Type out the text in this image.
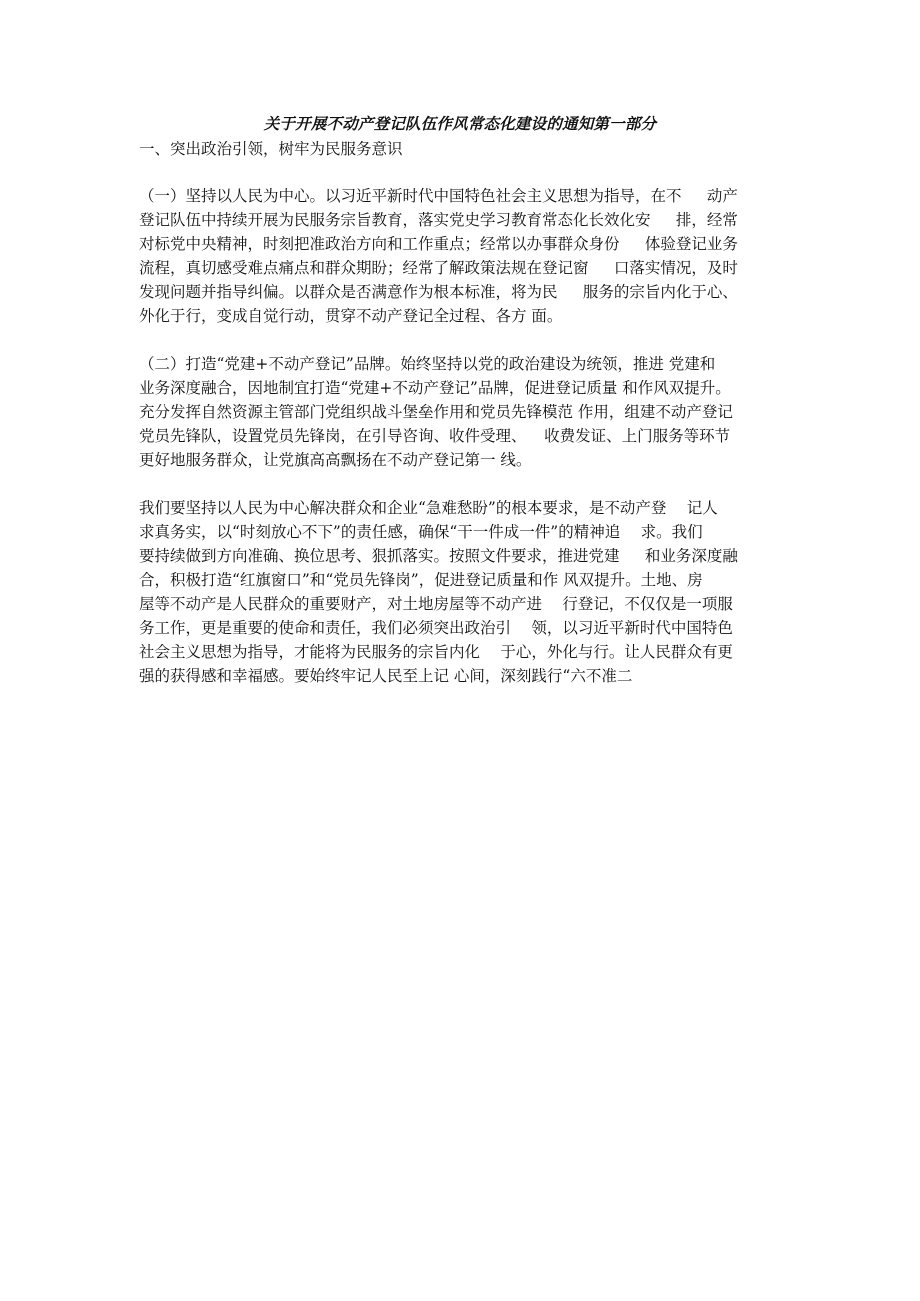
关于开展不动产登记队伍作风常态化建设的通知第一部分
一、突出政治引领，树牢为民服务意识
（一）坚持以人民为中心。以习近平新时代中国特色社会主义思想为指导，在不　  动产
登记队伍中持续开展为民服务宗旨教育，落实党史学习教育常态化长效化安　  排，经常
对标党中央精神，时刻把准政治方向和工作重点；经常以办事群众身份　  体验登记业务
流程，真切感受难点痛点和群众期盼；经常了解政策法规在登记窗　  口落实情况，及时
发现问题并指导纠偏。以群众是否满意作为根本标准，将为民　  服务的宗旨内化于心、
外化于行，变成自觉行动，贯穿不动产登记全过程、各方 面。
（二）打造“党建+不动产登记”品牌。始终坚持以党的政治建设为统领，推进 党建和
业务深度融合，因地制宜打造“党建+不动产登记”品牌，促进登记质量 和作风双提升。
充分发挥自然资源主管部门党组织战斗堡垒作用和党员先锋模范 作用，组建不动产登记
党员先锋队，设置党员先锋岗，在引导咨询、收件受理、　  收费发证、上门服务等环节
更好地服务群众，让党旗高高飘扬在不动产登记第一 线。
我们要坚持以人民为中心解决群众和企业“急难愁盼”的根本要求，是不动产登　 记人
求真务实，以“时刻放心不下”的责任感，确保“干一件成一件”的精神追　 求。我们
要持续做到方向准确、换位思考、狠抓落实。按照文件要求，推进党建　  和业务深度融
合，积极打造“红旗窗口”和“党员先锋岗”，促进登记质量和作 风双提升。土地、房
屋等不动产是人民群众的重要财产，对土地房屋等不动产进　 行登记，不仅仅是一项服
务工作，更是重要的使命和责任，我们必须突出政治引　 领，以习近平新时代中国特色
社会主义思想为指导，才能将为民服务的宗旨内化　 于心，外化与行。让人民群众有更
强的获得感和幸福感。要始终牢记人民至上记 心间，深刻践行“六不准二
